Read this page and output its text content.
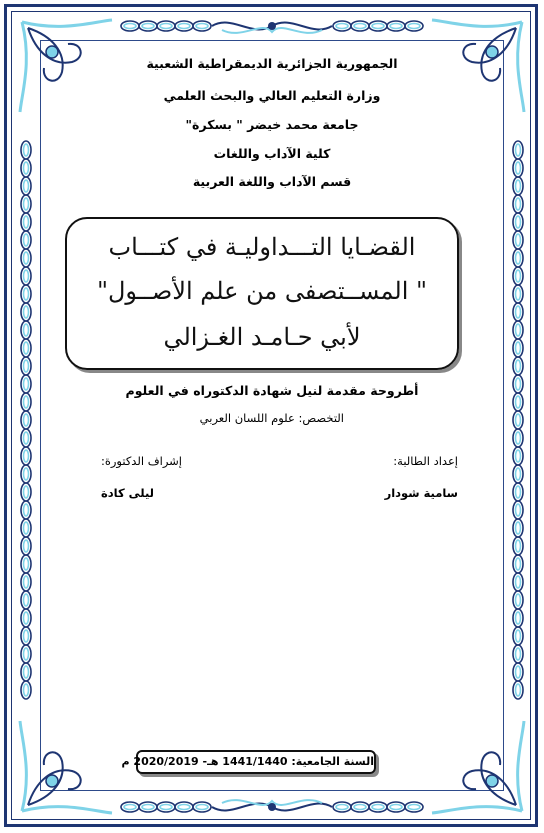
الجمهورية الجزائرية الديمقراطية الشعبية
وزارة التعليم العالي والبحث العلمي
جامعة محمد خيضر " بسكرة"
كلية الآداب واللغات
قسم الآداب واللغة العربية
القضـايا التـــداوليـة في كتـــاب
" المســتصفى من علم الأصــول"
لأبي حـامـد الغـزالي
أطروحة مقدمة لنيل شهادة الدكتوراه في العلوم
التخصص: علوم اللسان العربي
إعداد الطالبة:
سامية شودار
إشراف الدكتورة:
ليلى كادة
السنة الجامعية: 1441/1440 هـ- 2020/2019 م
